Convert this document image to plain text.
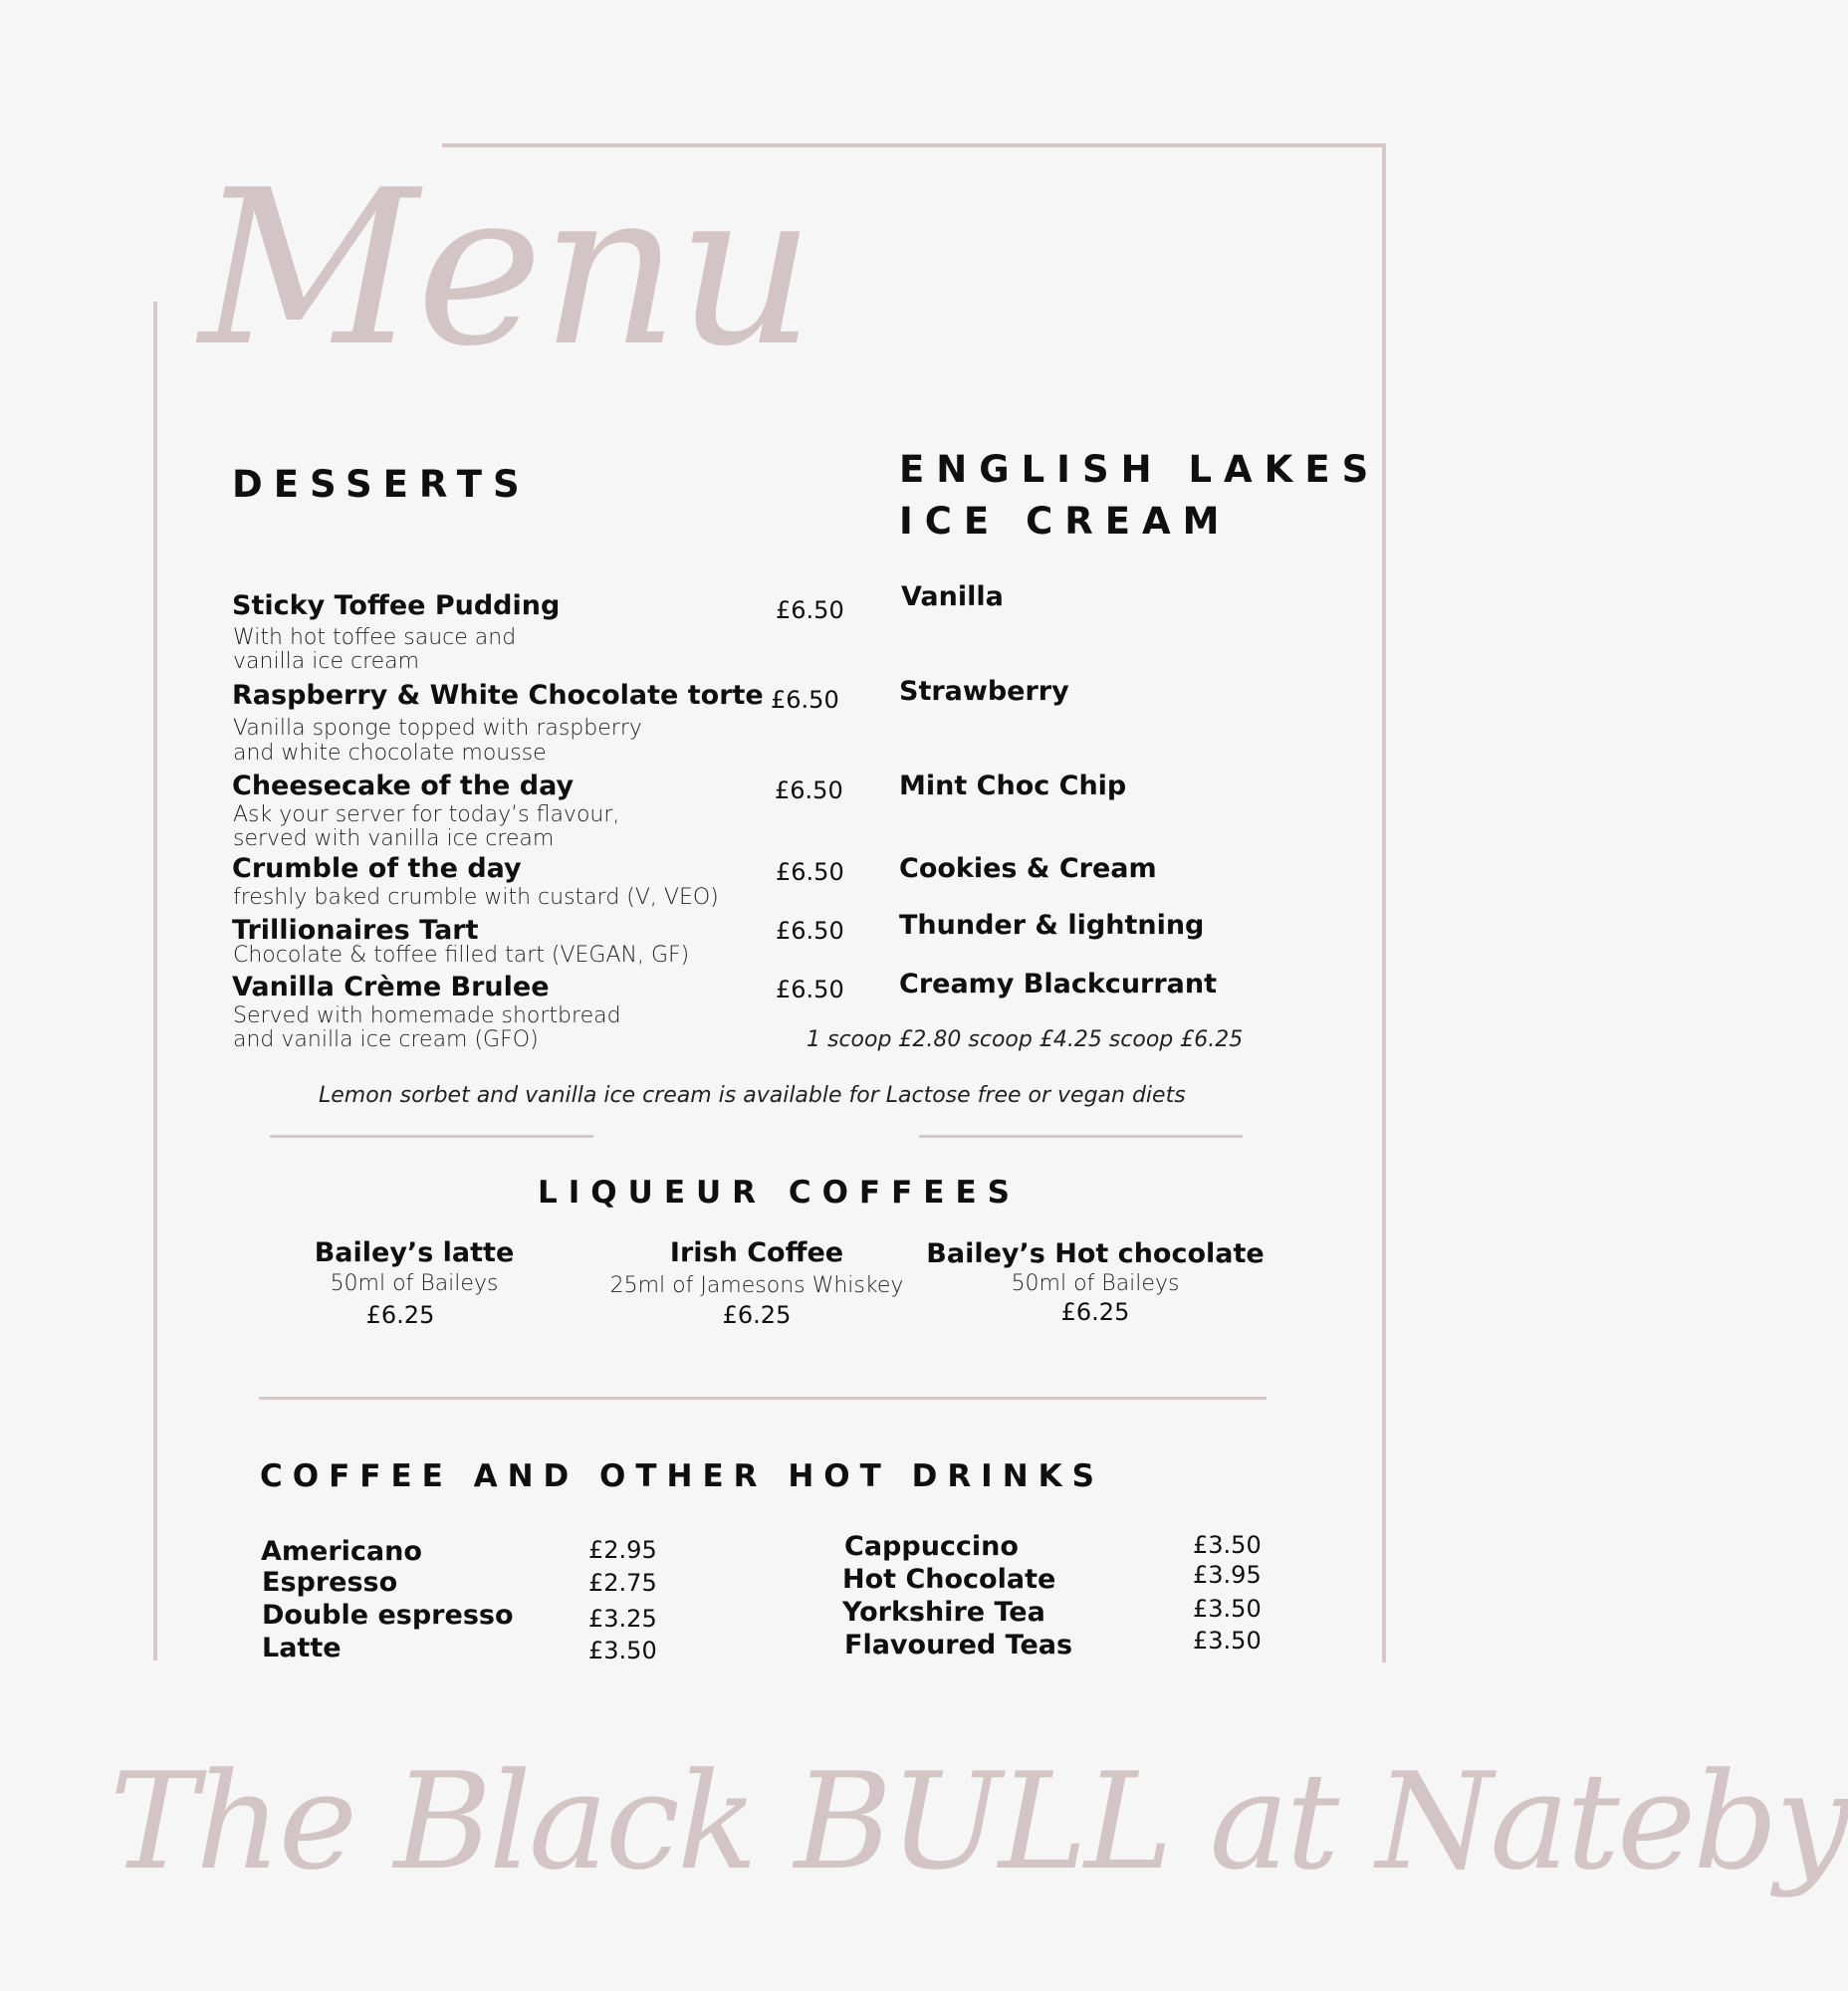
Menu
DESSERTS
Sticky Toffee Pudding
With hot toffee sauce and
vanilla ice cream
£6.50
Raspberry & White Chocolate torte
Vanilla sponge topped with raspberry
and white chocolate mousse
£6.50
Cheesecake of the day
Ask your server for today’s flavour,
served with vanilla ice cream
£6.50
Crumble of the day
freshly baked crumble with custard (V, VEO)
£6.50
Trillionaires Tart
Chocolate & toffee filled tart (VEGAN, GF)
£6.50
Vanilla Crème Brulee
Served with homemade shortbread
and vanilla ice cream (GFO)
£6.50
ENGLISH LAKES
ICE CREAM
Vanilla
Strawberry
Mint Choc Chip
Cookies & Cream
Thunder & lightning
Creamy Blackcurrant
1 scoop £2.80 scoop £4.25 scoop £6.25
Lemon sorbet and vanilla ice cream is available for Lactose free or vegan diets
LIQUEUR COFFEES
Bailey’s latte
50ml of Baileys
£6.25
Irish Coffee
25ml of Jamesons Whiskey
£6.25
Bailey’s Hot chocolate
50ml of Baileys
£6.25
COFFEE AND OTHER HOT DRINKS
Americano	£2.95
Espresso	£2.75
Double espresso	£3.25
Latte	£3.50
Cappuccino	£3.50
Hot Chocolate	£3.95
Yorkshire Tea	£3.50
Flavoured Teas	£3.50
The Black BULL at Nateby
